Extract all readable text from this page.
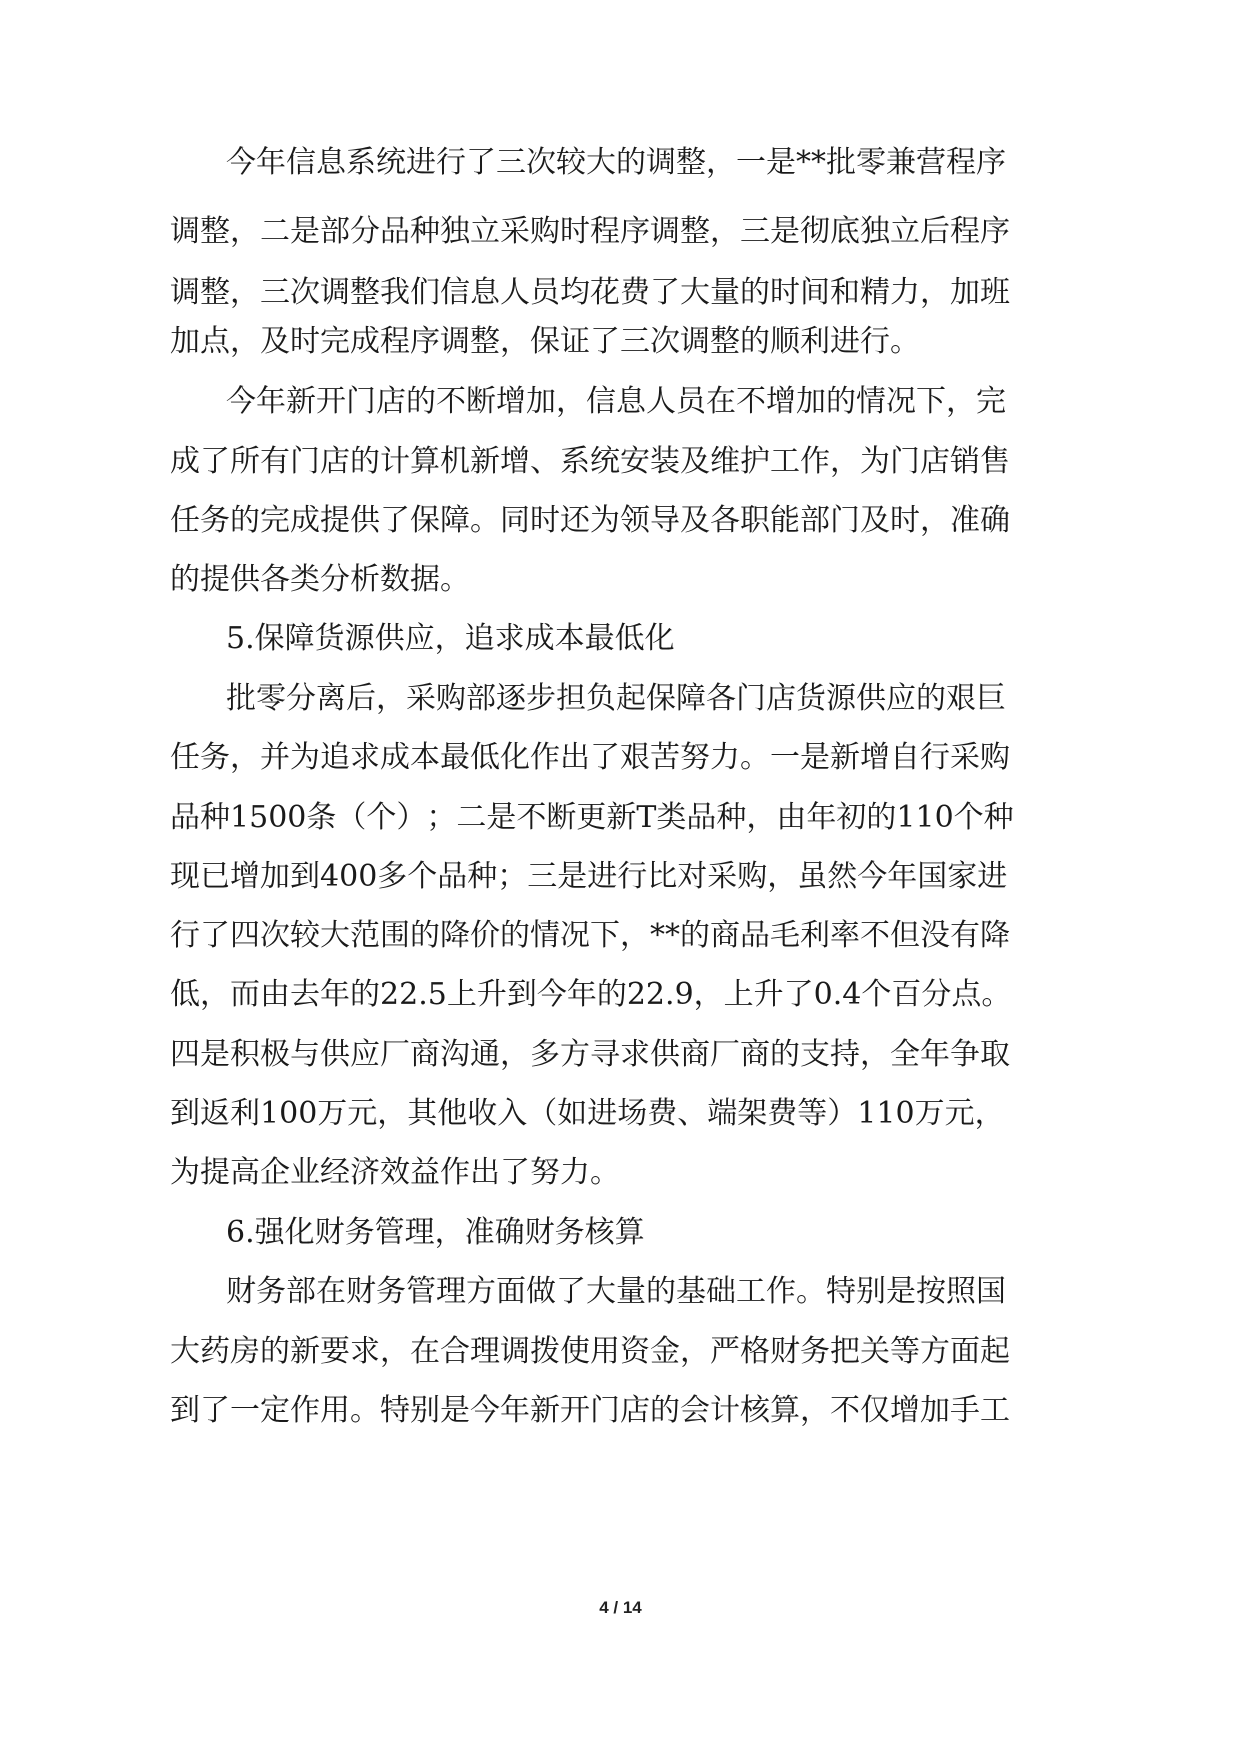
今 年 信 息 系 统 进 行 了 三 次 较 大 的 调 整 ， 一 是 * * 批 零 兼 营 程 序
调 整 ， 二 是 部 分 品 种 独 立 采 购 时 程 序 调 整 ， 三 是 彻 底 独 立 后 程 序
调 整 ， 三 次 调 整 我 们 信 息 人 员 均 花 费 了 大 量 的 时 间 和 精 力 ， 加 班
加点，及时完成程序调整，保证了三次调整的顺利进行。
今 年 新 开 门 店 的 不 断 增 加 ， 信 息 人 员 在 不 增 加 的 情 况 下 ， 完
成 了 所 有 门 店 的 计 算 机 新 增 、 系 统 安 装 及 维 护 工 作 ， 为 门 店 销 售
任 务 的 完 成 提 供 了 保 障 。 同 时 还 为 领 导 及 各 职 能 部 门 及 时 ， 准 确
的提供各类分析数据。
5.保障货源供应，追求成本最低化
批 零 分 离 后 ， 采 购 部 逐 步 担 负 起 保 障 各 门 店 货 源 供 应 的 艰 巨
任 务 ， 并 为 追 求 成 本 最 低 化 作 出 了 艰 苦 努 力 。 一 是 新 增 自 行 采 购
品 种 1 5 0 0 条 （ 个 ） ； 二 是 不 断 更 新 T 类 品 种 ， 由 年 初 的 1 1 0 个 种
现 已 增 加 到 4 0 0 多 个 品 种 ； 三 是 进 行 比 对 采 购 ， 虽 然 今 年 国 家 进
行 了 四 次 较 大 范 围 的 降 价 的 情 况 下 ， * * 的 商 品 毛 利 率 不 但 没 有 降
低 ， 而 由 去 年 的 2 2 . 5 上 升 到 今 年 的 2 2 . 9 ， 上 升 了 0 . 4 个 百 分 点 。
四 是 积 极 与 供 应 厂 商 沟 通 ， 多 方 寻 求 供 商 厂 商 的 支 持 ， 全 年 争 取
到 返 利 1 0 0 万 元 ， 其 他 收 入 （ 如 进 场 费 、 端 架 费 等 ） 1 1 0 万 元 ，
为提高企业经济效益作出了努力。
6.强化财务管理，准确财务核算
财 务 部 在 财 务 管 理 方 面 做 了 大 量 的 基 础 工 作 。 特 别 是 按 照 国
大 药 房 的 新 要 求 ， 在 合 理 调 拨 使 用 资 金 ， 严 格 财 务 把 关 等 方 面 起
到 了 一 定 作 用 。 特 别 是 今 年 新 开 门 店 的 会 计 核 算 ， 不 仅 增 加 手 工
4 / 14
